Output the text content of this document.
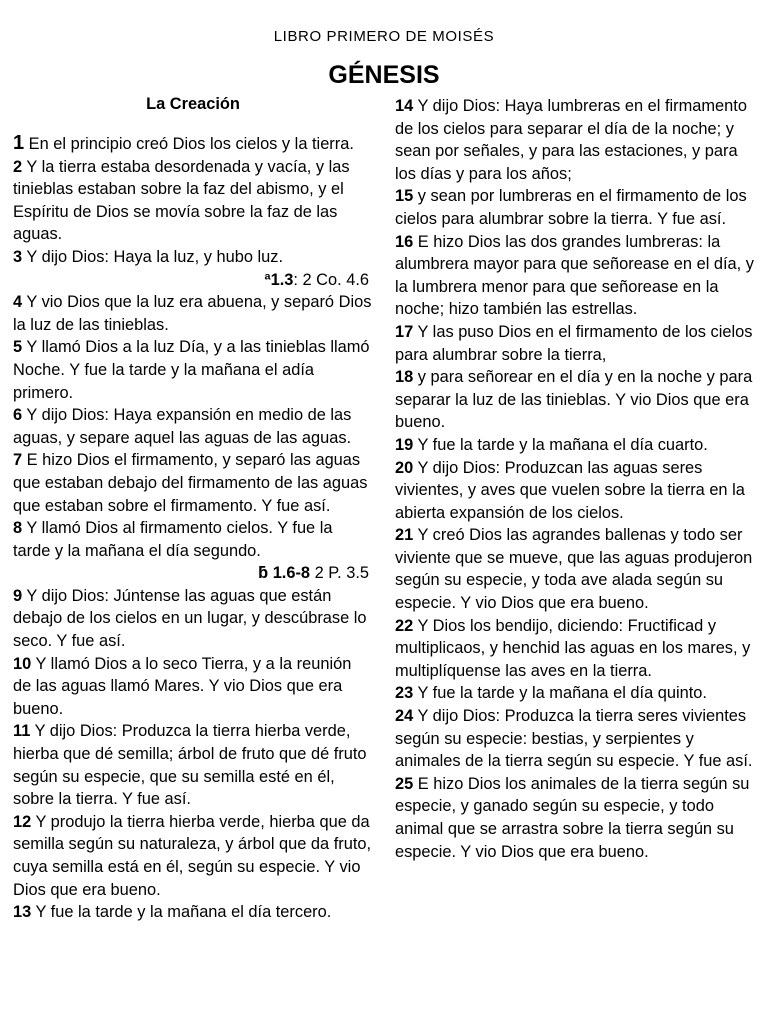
LIBRO PRIMERO DE MOISÉS
GÉNESIS
La Creación

1 En el principio creó Dios los cielos y la tierra.

2 Y la tierra estaba desordenada y vacía, y las tinieblas estaban sobre la faz del abismo, y el Espíritu de Dios se movía sobre la faz de las aguas.

3 Y dijo Dios: Haya la luz, y hubo luz.

ª1.3: 2 Co. 4.6

4 Y vio Dios que la luz era abuena, y separó Dios la luz de las tinieblas.

5 Y llamó Dios a la luz Día, y a las tinieblas llamó Noche. Y fue la tarde y la mañana el adía primero.

6 Y dijo Dios: Haya expansión en medio de las aguas, y separe aquel las aguas de las aguas.

7 E hizo Dios el firmamento, y separó las aguas que estaban debajo del firmamento de las aguas que estaban sobre el firmamento. Y fue así.

8 Y llamó Dios al firmamento cielos. Y fue la tarde y la mañana el día segundo.

ƃ 1.6-8 2 P. 3.5

9 Y dijo Dios: Júntense las aguas que están debajo de los cielos en un lugar, y descúbrase lo seco. Y fue así.

10 Y llamó Dios a lo seco Tierra, y a la reunión de las aguas llamó Mares. Y vio Dios que era bueno.

11 Y dijo Dios: Produzca la tierra hierba verde, hierba que dé semilla; árbol de fruto que dé fruto según su especie, que su semilla esté en él, sobre la tierra. Y fue así.

12 Y produjo la tierra hierba verde, hierba que da semilla según su naturaleza, y árbol que da fruto, cuya semilla está en él, según su especie. Y vio Dios que era bueno.

13 Y fue la tarde y la mañana el día tercero.

14 Y dijo Dios: Haya lumbreras en el firmamento de los cielos para separar el día de la noche; y sean por señales, y para las estaciones, y para los días y para los años;

15 y sean por lumbreras en el firmamento de los cielos para alumbrar sobre la tierra. Y fue así.

16 E hizo Dios las dos grandes lumbreras: la alumbrera mayor para que señorease en el día, y la lumbrera menor para que señorease en la noche; hizo también las estrellas.

17 Y las puso Dios en el firmamento de los cielos para alumbrar sobre la tierra,

18 y para señorear en el día y en la noche y para separar la luz de las tinieblas. Y vio Dios que era bueno.

19 Y fue la tarde y la mañana el día cuarto.

20 Y dijo Dios: Produzcan las aguas seres vivientes, y aves que vuelen sobre la tierra en la abierta expansión de los cielos.

21 Y creó Dios las agrandes ballenas y todo ser viviente que se mueve, que las aguas produjeron según su especie, y toda ave alada según su especie. Y vio Dios que era bueno.

22 Y Dios los bendijo, diciendo: Fructificad y multiplicaos, y henchid las aguas en los mares, y multiplíquense las aves en la tierra.

23 Y fue la tarde y la mañana el día quinto.

24 Y dijo Dios: Produzca la tierra seres vivientes según su especie: bestias, y serpientes y animales de la tierra según su especie. Y fue así.

25 E hizo Dios los animales de la tierra según su especie, y ganado según su especie, y todo animal que se arrastra sobre la tierra según su especie. Y vio Dios que era bueno.
